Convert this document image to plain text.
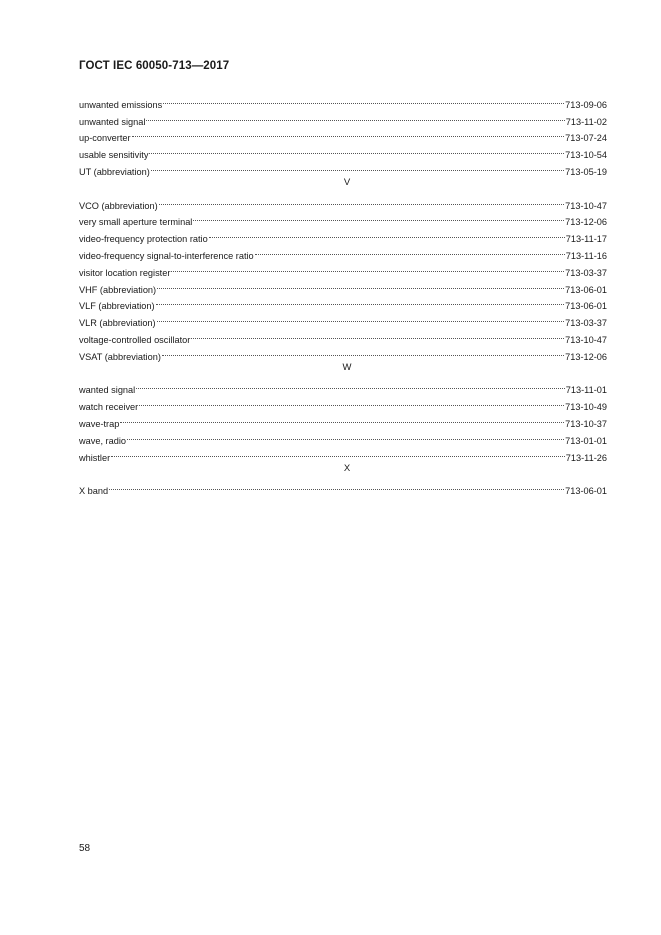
ГОСТ IEC 60050-713—2017
unwanted emissions	713-09-06
unwanted signal	713-11-02
up-converter	713-07-24
usable sensitivity	713-10-54
UT (abbreviation)	713-05-19
V
VCO (abbreviation)	713-10-47
very small aperture terminal	713-12-06
video-frequency protection ratio	713-11-17
video-frequency signal-to-interference ratio	713-11-16
visitor location register	713-03-37
VHF (abbreviation)	713-06-01
VLF (abbreviation)	713-06-01
VLR (abbreviation)	713-03-37
voltage-controlled oscillator	713-10-47
VSAT (abbreviation)	713-12-06
W
wanted signal	713-11-01
watch receiver	713-10-49
wave-trap	713-10-37
wave, radio	713-01-01
whistler	713-11-26
X
X band	713-06-01
58
